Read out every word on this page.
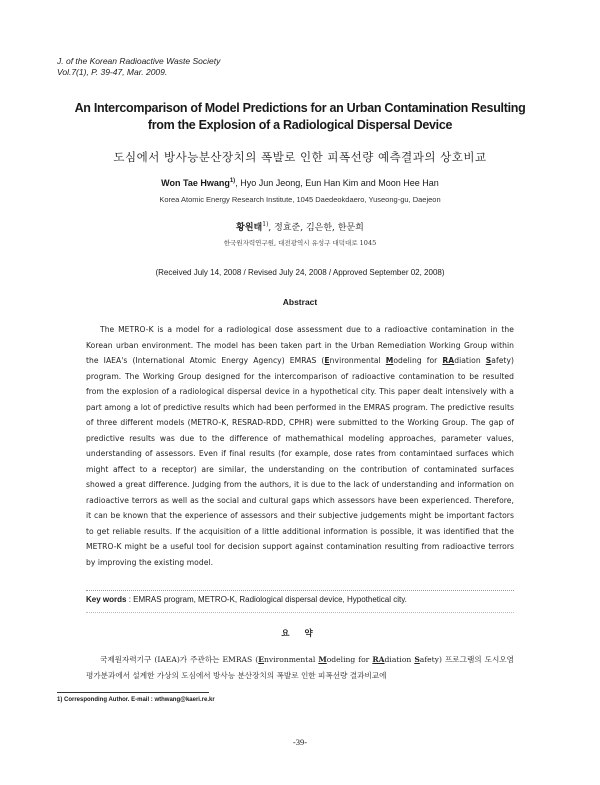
J. of the Korean Radioactive Waste Society
Vol.7(1), P. 39-47, Mar. 2009.
An Intercomparison of Model Predictions for an Urban Contamination Resulting
from the Explosion of a Radiological Dispersal Device
도심에서 방사능분산장치의 폭발로 인한 피폭선량 예측결과의 상호비교
Won Tae Hwang$^{1)}$, Hyo Jun Jeong, Eun Han Kim and Moon Hee Han
Korea Atomic Energy Research Institute, 1045 Daedeokdaero, Yuseong-gu, Daejeon
황원태$^{1)}$, 정효준, 김은한, 한문희
한국원자력연구원, 대전광역시 유성구 대덕대로 1045
(Received July 14, 2008 / Revised July 24, 2008 / Approved September 02, 2008)
Abstract
The METRO-K is a model for a radiological dose assessment due to a radioactive contamination in the Korean urban environment. The model has been taken part in the Urban Remediation Working Group within the IAEA's (International Atomic Energy Agency) EMRAS (Environmental Modeling for RAdiation Safety) program. The Working Group designed for the intercomparison of radioactive contamination to be resulted from the explosion of a radiological dispersal device in a hypothetical city. This paper dealt intensively with a part among a lot of predictive results which had been performed in the EMRAS program. The predictive results of three different models (METRO-K, RESRAD-RDD, CPHR) were submitted to the Working Group. The gap of predictive results was due to the difference of mathemathical modeling approaches, parameter values, understanding of assessors. Even if final results (for example, dose rates from contamintaed surfaces which might affect to a receptor) are similar, the understanding on the contribution of contaminated surfaces showed a great difference. Judging from the authors, it is due to the lack of understanding and information on radioactive terrors as well as the social and cultural gaps which assessors have been experienced. Therefore, it can be known that the experience of assessors and their subjective judgements might be important factors to get reliable results. If the acquisition of a little additional information is possible, it was identified that the METRO-K might be a useful tool for decision support against contamination resulting from radioactive terrors by improving the existing model.
Key words : EMRAS program, METRO-K, Radiological dispersal device, Hypothetical city.
요 약
국제원자력기구 (IAEA)가 주관하는 EMRAS (Environmental Modeling for RAdiation Safety) 프로그램의 도시오염 평가분과에서 설계한 가상의 도심에서 방사능 분산장치의 폭발로 인한 피폭선량 결과비교에
1) Corresponding Author. E-mail : wthwang@kaeri.re.kr
-39-
